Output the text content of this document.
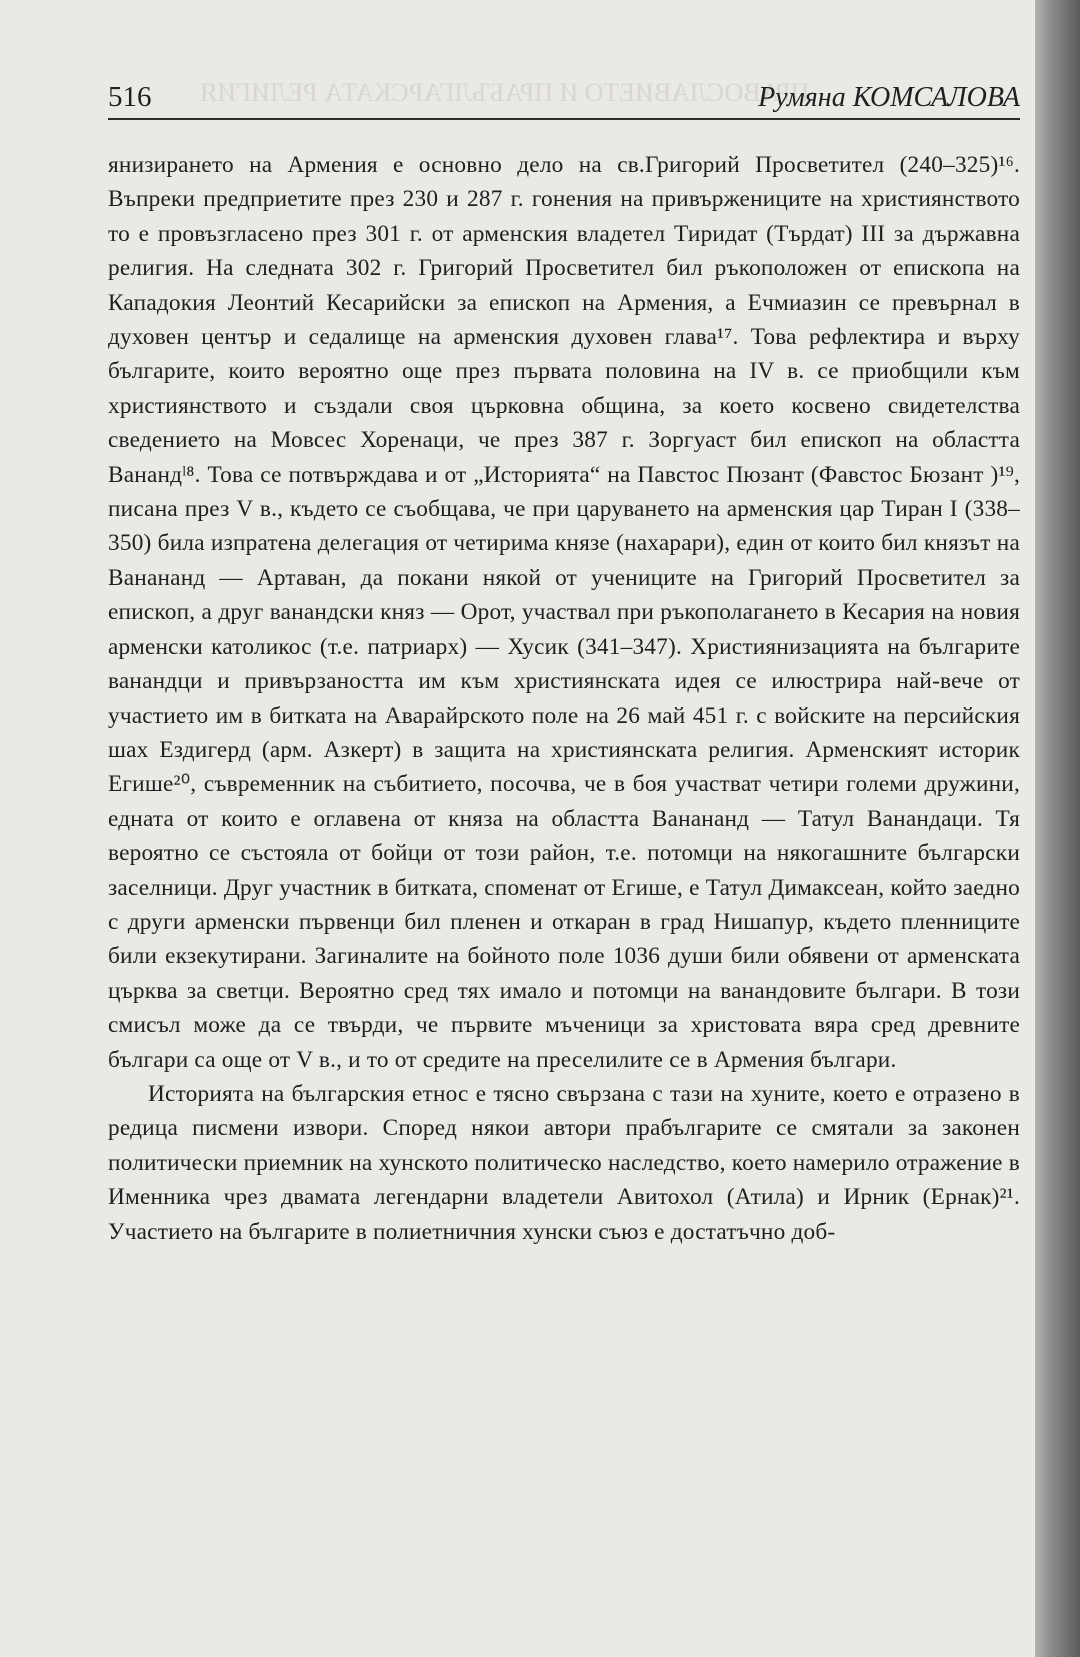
ПРАВОСЛАВИЕТО И ПРАБЪЛГАРСКАТА РЕЛИГИЯ
516	Румяна КОМСАЛОВА

янизирането на Армения е основно дело на св.Григорий Просветител (240–325)¹⁶. Въпреки предприетите през 230 и 287 г. гонения на привържениците на християнството то е провъзгласено през 301 г. от арменския владетел Тиридат (Търдат) III за държавна религия. На следната 302 г. Григорий Просветител бил ръкоположен от епископа на Кападокия Леонтий Кесарийски за епископ на Армения, а Ечмиазин се превърнал в духовен център и седалище на арменския духовен глава¹⁷. Това рефлектира и върху българите, които вероятно още през първата половина на IV в. се приобщили към християнството и създали своя църковна община, за което косвено свидетелства сведението на Мовсес Хоренаци, че през 387 г. Зоргуаст бил епископ на областта Ванандˡ⁸. Това се потвърждава и от „Историята“ на Павстос Пюзант (Фавстос Бюзант )¹⁹, писана през V в., където се съобщава, че при царуването на арменския цар Тиран I (338–350) била изпратена делегация от четирима князе (нахарари), един от които бил князът на Ванананд — Артаван, да покани някой от учениците на Григорий Просветител за епископ, а друг ванандски княз — Орот, участвал при ръкополагането в Кесария на новия арменски католикос (т.е. патриарх) — Хусик (341–347). Християнизацията на българите ванандци и привързаността им към християнската идея се илюстрира най-вече от участието им в битката на Аварайрското поле на 26 май 451 г. с войските на персийския шах Ездигерд (арм. Азкерт) в защита на християнската религия. Арменският историк Егише²⁰, съвременник на събитието, посочва, че в боя участват четири големи дружини, едната от които е оглавена от княза на областта Ванананд — Татул Ванандаци. Тя вероятно се състояла от бойци от този район, т.е. потомци на някогашните български заселници. Друг участник в битката, споменат от Егише, е Татул Димаксеан, който заедно с други арменски първенци бил пленен и откаран в град Нишапур, където пленниците били екзекутирани. Загиналите на бойното поле 1036 души били обявени от арменската църква за светци. Вероятно сред тях имало и потомци на ванандовите българи. В този смисъл може да се твърди, че първите мъченици за христовата вяра сред древните българи са още от V в., и то от средите на преселилите се в Армения българи.

Историята на българския етнос е тясно свързана с тази на хуните, което е отразено в редица писмени извори. Според някои автори прабългарите се смятали за законен политически приемник на хунското политическо наследство, което намерило отражение в Именника чрез двамата легендарни владетели Авитохол (Атила) и Ирник (Ернак)²¹. Участието на българите в полиетничния хунски съюз е достатъчно доб-
